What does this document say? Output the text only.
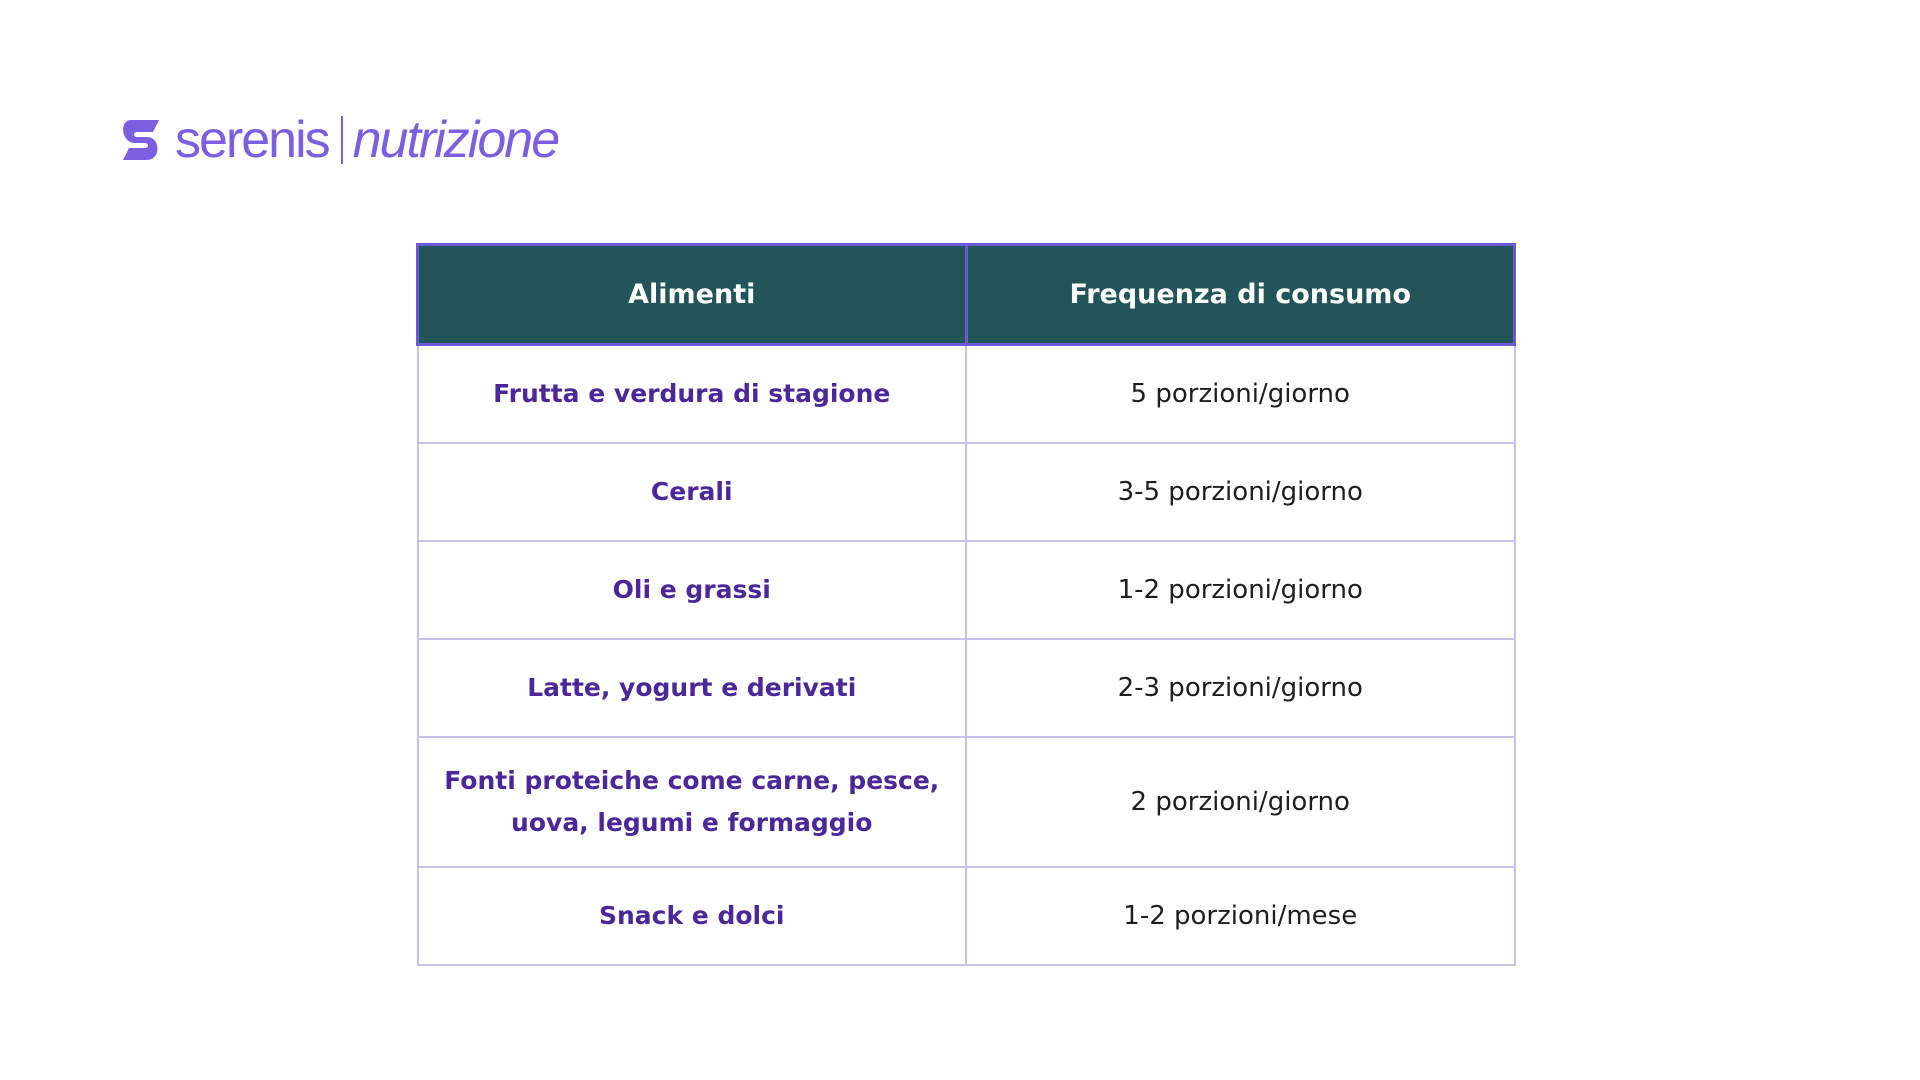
serenis nutrizione
Alimenti	Frequenza di consumo
Frutta e verdura di stagione	5 porzioni/giorno
Cerali	3-5 porzioni/giorno
Oli e grassi	1-2 porzioni/giorno
Latte, yogurt e derivati	2-3 porzioni/giorno
Fonti proteiche come carne, pesce, uova, legumi e formaggio	2 porzioni/giorno
Snack e dolci	1-2 porzioni/mese
